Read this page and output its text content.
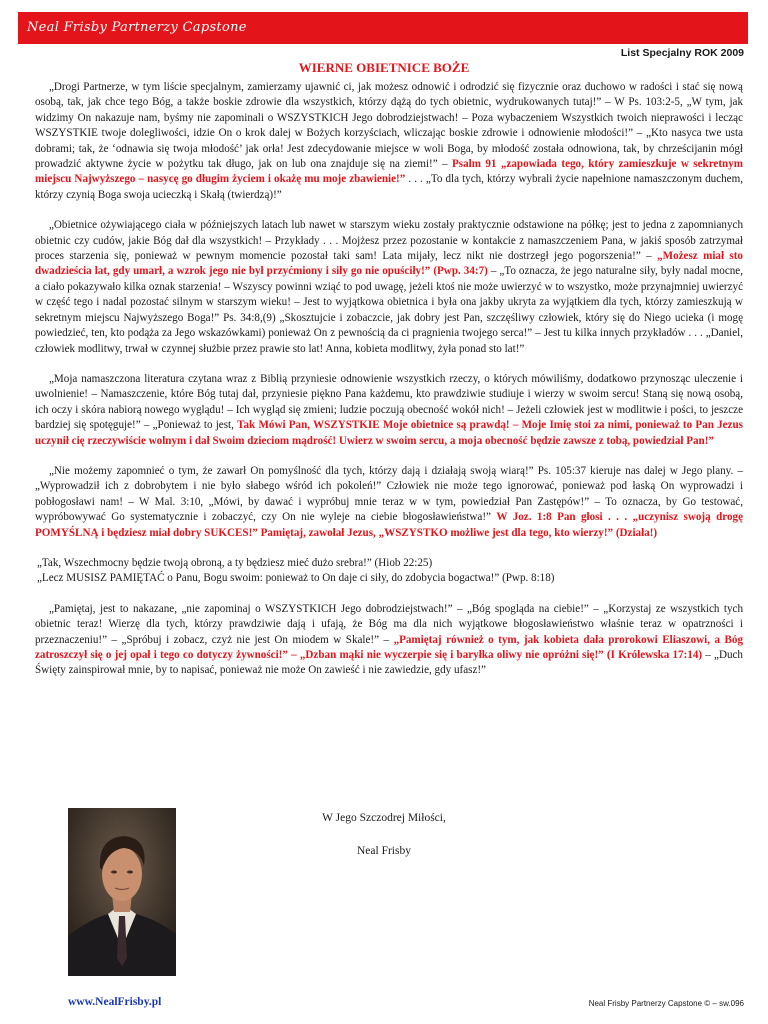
Neal Frisby Partnerzy Capstone
List Specjalny ROK 2009
WIERNE OBIETNICE BOŻE

„Drogi Partnerze, w tym liście specjalnym, zamierzamy ujawnić ci, jak możesz odnowić i odrodzić się fizycznie oraz duchowo w radości i stać się nową osobą, tak, jak chce tego Bóg, a także boskie zdrowie dla wszystkich, którzy dążą do tych obietnic, wydrukowanych tutaj!” – W Ps. 103:2-5, „W tym, jak widzimy On nakazuje nam, byśmy nie zapominali o WSZYSTKICH Jego dobrodziejstwach! – Poza wybaczeniem Wszystkich twoich nieprawości i lecząc WSZYSTKIE twoje dolegliwości, idzie On o krok dalej w Bożych korzyściach, wliczając boskie zdrowie i odnowienie młodości!” – „Kto nasyca twe usta dobrami; tak, że ‘odnawia się twoja młodość’ jak orła! Jest zdecydowanie miejsce w woli Boga, by młodość została odnowiona, tak, by chrześcijanin mógł prowadzić aktywne życie w pożytku tak długo, jak on lub ona znajduje się na ziemi!” – Psalm 91 „zapowiada tego, który zamieszkuje w sekretnym miejscu Najwyższego – nasycę go długim życiem i okażę mu moje zbawienie!” . . . „To dla tych, którzy wybrali życie napełnione namaszczonym duchem, którzy czynią Boga swoja ucieczką i Skałą (twierdzą)!”

„Obietnice ożywiającego ciała w późniejszych latach lub nawet w starszym wieku zostały praktycznie odstawione na półkę; jest to jedna z zapomnianych obietnic czy cudów, jakie Bóg dał dla wszystkich! – Przykłady . . . Mojżesz przez pozostanie w kontakcie z namaszczeniem Pana, w jakiś sposób zatrzymał proces starzenia się, ponieważ w pewnym momencie pozostał taki sam! Lata mijały, lecz nikt nie dostrzegł jego pogorszenia!” – „Możesz miał sto dwadzieścia lat, gdy umarł, a wzrok jego nie był przyćmiony i siły go nie opuściły!” (Pwp. 34:7) – „To oznacza, że jego naturalne siły, były nadal mocne, a ciało pokazywało kilka oznak starzenia! – Wszyscy powinni wziąć to pod uwagę, jeżeli ktoś nie może uwierzyć w to wszystko, może przynajmniej uwierzyć w część tego i nadal pozostać silnym w starszym wieku! – Jest to wyjątkowa obietnica i była ona jakby ukryta za wyjątkiem dla tych, którzy zamieszkują w sekretnym miejscu Najwyższego Boga!” Ps. 34:8,(9) „Skosztujcie i zobaczcie, jak dobry jest Pan, szczęśliwy człowiek, który się do Niego ucieka (i mogę powiedzieć, ten, kto podąża za Jego wskazówkami) ponieważ On z pewnością da ci pragnienia twojego serca!” – Jest tu kilka innych przykładów . . . „Daniel, człowiek modlitwy, trwał w czynnej służbie przez prawie sto lat! Anna, kobieta modlitwy, żyła ponad sto lat!”

„Moja namaszczona literatura czytana wraz z Biblią przyniesie odnowienie wszystkich rzeczy, o których mówiliśmy, dodatkowo przynosząc uleczenie i uwolnienie! – Namaszczenie, które Bóg tutaj dał, przyniesie piękno Pana każdemu, kto prawdziwie studiuje i wierzy w swoim sercu! Staną się nową osobą, ich oczy i skóra nabiorą nowego wyglądu! – Ich wygląd się zmieni; ludzie poczują obecność wokół nich! – Jeżeli człowiek jest w modlitwie i pości, to jeszcze bardziej się spotęguje!” – „Ponieważ to jest, Tak Mówi Pan, WSZYSTKIE Moje obietnice są prawdą! – Moje Imię stoi za nimi, ponieważ to Pan Jezus uczynił cię rzeczywiście wolnym i dał Swoim dzieciom mądrość! Uwierz w swoim sercu, a moja obecność będzie zawsze z tobą, powiedział Pan!”

„Nie możemy zapomnieć o tym, że zawarł On pomyślność dla tych, którzy dają i działają swoją wiarą!” Ps. 105:37 kieruje nas dalej w Jego plany. – „Wyprowadził ich z dobrobytem i nie było słabego wśród ich pokoleń!” Człowiek nie może tego ignorować, ponieważ pod łaską On wyprowadzi i pobłogosławi nam! – W Mal. 3:10, „Mówi, by dawać i wypróbuj mnie teraz w w tym, powiedział Pan Zastępów!” – To oznacza, by Go testować, wypróbowywać Go systematycznie i zobaczyć, czy On nie wyleje na ciebie błogosławieństwa!” W Joz. 1:8 Pan głosi . . . „uczynisz swoją drogę POMYŚLNĄ i będziesz miał dobry SUKCES!” Pamiętaj, zawołał Jezus, „WSZYSTKO możliwe jest dla tego, kto wierzy!” (Działa!)

„Tak, Wszechmocny będzie twoją obroną, a ty będziesz mieć dużo srebra!” (Hiob 22:25)

„Lecz MUSISZ PAMIĘTAĆ o Panu, Bogu swoim: ponieważ to On daje ci siły, do zdobycia bogactwa!” (Pwp. 8:18)

„Pamiętaj, jest to nakazane, „nie zapominaj o WSZYSTKICH Jego dobrodziejstwach!” – „Bóg spogląda na ciebie!” – „Korzystaj ze wszystkich tych obietnic teraz! Wierzę dla tych, którzy prawdziwie dają i ufają, że Bóg ma dla nich wyjątkowe błogosławieństwo właśnie teraz w opatrzności i przeznaczeniu!” – „Spróbuj i zobacz, czyż nie jest On miodem w Skale!” – „Pamiętaj również o tym, jak kobieta dała prorokowi Eliaszowi, a Bóg zatroszczył się o jej opał i tego co dotyczy żywności!” – „Dzban mąki nie wyczerpie się i baryłka oliwy nie opróżni się!” (I Królewska 17:14) – „Duch Święty zainspirował mnie, by to napisać, ponieważ nie może On zawieść i nie zawiedzie, gdy ufasz!”

W Jego Szczodrej Miłości,
Neal Frisby
www.NealFrisby.pl	Neal Frisby Partnerzy Capstone © – sw.096
